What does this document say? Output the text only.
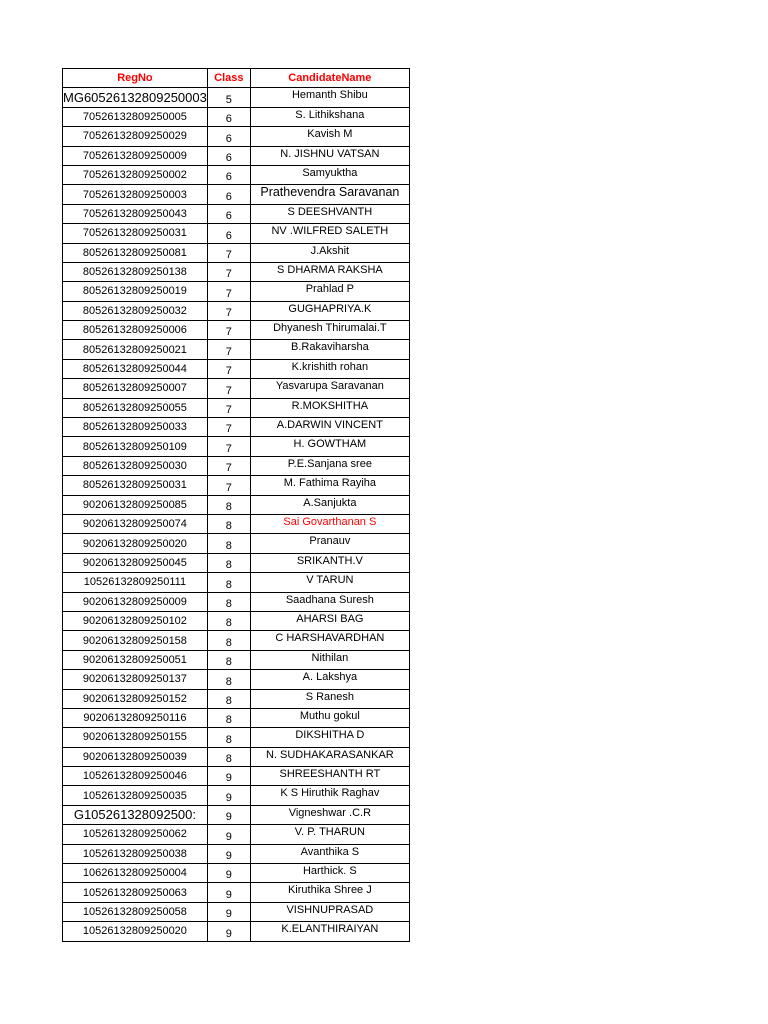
RegNo	Class	CandidateName
MG60526132809250003	5	Hemanth Shibu
70526132809250005	6	S. Lithikshana
70526132809250029	6	Kavish M
70526132809250009	6	N. JISHNU VATSAN
70526132809250002	6	Samyuktha
70526132809250003	6	Prathevendra Saravanan
70526132809250043	6	S DEESHVANTH
70526132809250031	6	NV .WILFRED SALETH
80526132809250081	7	J.Akshit
80526132809250138	7	S DHARMA RAKSHA
80526132809250019	7	Prahlad P
80526132809250032	7	GUGHAPRIYA.K
80526132809250006	7	Dhyanesh Thirumalai.T
80526132809250021	7	B.Rakaviharsha
80526132809250044	7	K.krishith rohan
80526132809250007	7	Yasvarupa Saravanan
80526132809250055	7	R.MOKSHITHA
80526132809250033	7	A.DARWIN VINCENT
80526132809250109	7	H. GOWTHAM
80526132809250030	7	P.E.Sanjana sree
80526132809250031	7	M. Fathima Rayiha
90206132809250085	8	A.Sanjukta
90206132809250074	8	Sai Govarthanan S
90206132809250020	8	Pranauv
90206132809250045	8	SRIKANTH.V
10526132809250111	8	V TARUN
90206132809250009	8	Saadhana Suresh
90206132809250102	8	AHARSI BAG
90206132809250158	8	C HARSHAVARDHAN
90206132809250051	8	Nithilan
90206132809250137	8	A. Lakshya
90206132809250152	8	S Ranesh
90206132809250116	8	Muthu gokul
90206132809250155	8	DIKSHITHA D
90206132809250039	8	N. SUDHAKARASANKAR
10526132809250046	9	SHREESHANTH RT
10526132809250035	9	K S Hiruthik Raghav
G105261328092500:	9	Vigneshwar .C.R
10526132809250062	9	V. P. THARUN
10526132809250038	9	Avanthika S
10626132809250004	9	Harthick. S
10526132809250063	9	Kiruthika Shree J
10526132809250058	9	VISHNUPRASAD
10526132809250020	9	K.ELANTHIRAIYAN
